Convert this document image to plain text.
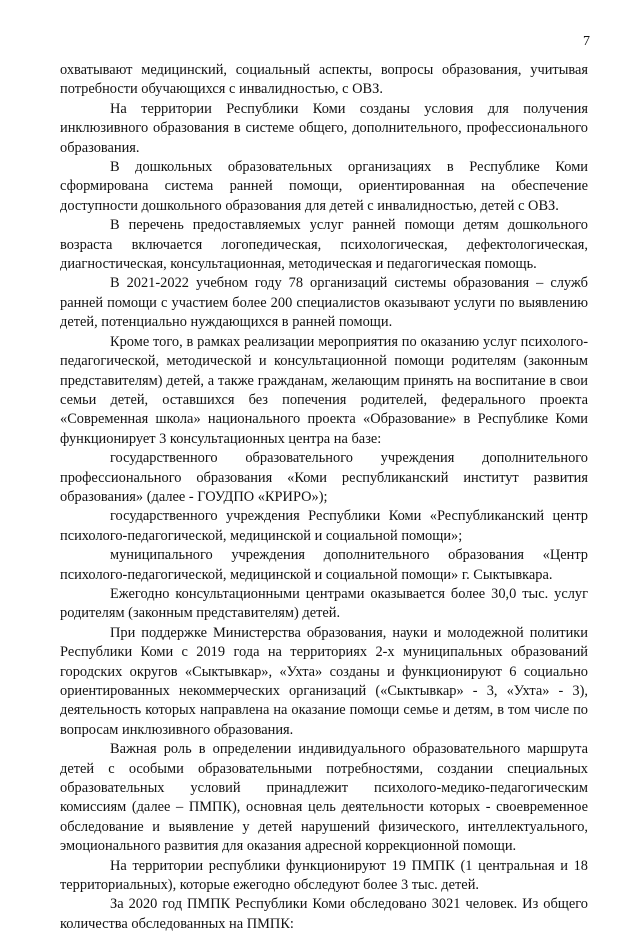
7

охватывают медицинский, социальный аспекты, вопросы образования, учитывая потребности обучающихся с инвалидностью, с ОВЗ.

На территории Республики Коми созданы условия для получения инклюзивного образования в системе общего, дополнительного, профессионального образования.

В дошкольных образовательных организациях в Республике Коми сформирована система ранней помощи, ориентированная на обеспечение доступности дошкольного образования для детей с инвалидностью, детей с ОВЗ.

В перечень предоставляемых услуг ранней помощи детям дошкольного возраста включается логопедическая, психологическая, дефектологическая, диагностическая, консультационная, методическая и педагогическая помощь.

В 2021-2022 учебном году 78 организаций системы образования – служб ранней помощи с участием более 200 специалистов оказывают услуги по выявлению детей, потенциально нуждающихся в ранней помощи.

Кроме того, в рамках реализации мероприятия по оказанию услуг психолого-педагогической, методической и консультационной помощи родителям (законным представителям) детей, а также гражданам, желающим принять на воспитание в свои семьи детей, оставшихся без попечения родителей, федерального проекта «Современная школа» национального проекта «Образование» в Республике Коми функционирует 3 консультационных центра на базе:

государственного образовательного учреждения дополнительного профессионального образования «Коми республиканский институт развития образования» (далее - ГОУДПО «КРИРО»);

государственного учреждения Республики Коми «Республиканский центр психолого-педагогической, медицинской и социальной помощи»;

муниципального учреждения дополнительного образования «Центр психолого-педагогической, медицинской и социальной помощи» г. Сыктывкара.

Ежегодно консультационными центрами оказывается более 30,0 тыс. услуг родителям (законным представителям) детей.

При поддержке Министерства образования, науки и молодежной политики Республики Коми с 2019 года на территориях 2-х муниципальных образований городских округов «Сыктывкар», «Ухта» созданы и функционируют 6 социально ориентированных некоммерческих организаций («Сыктывкар» - 3, «Ухта» - 3), деятельность которых направлена на оказание помощи семье и детям, в том числе по вопросам инклюзивного образования.

Важная роль в определении индивидуального образовательного маршрута детей с особыми образовательными потребностями, создании специальных образовательных условий принадлежит психолого-медико-педагогическим комиссиям (далее – ПМПК), основная цель деятельности которых - своевременное обследование и выявление у детей нарушений физического, интеллектуального, эмоционального развития для оказания адресной коррекционной помощи.

На территории республики функционируют 19 ПМПК (1 центральная и 18 территориальных), которые ежегодно обследуют более 3 тыс. детей.

За 2020 год ПМПК Республики Коми обследовано 3021 человек. Из общего количества обследованных на ПМПК:
